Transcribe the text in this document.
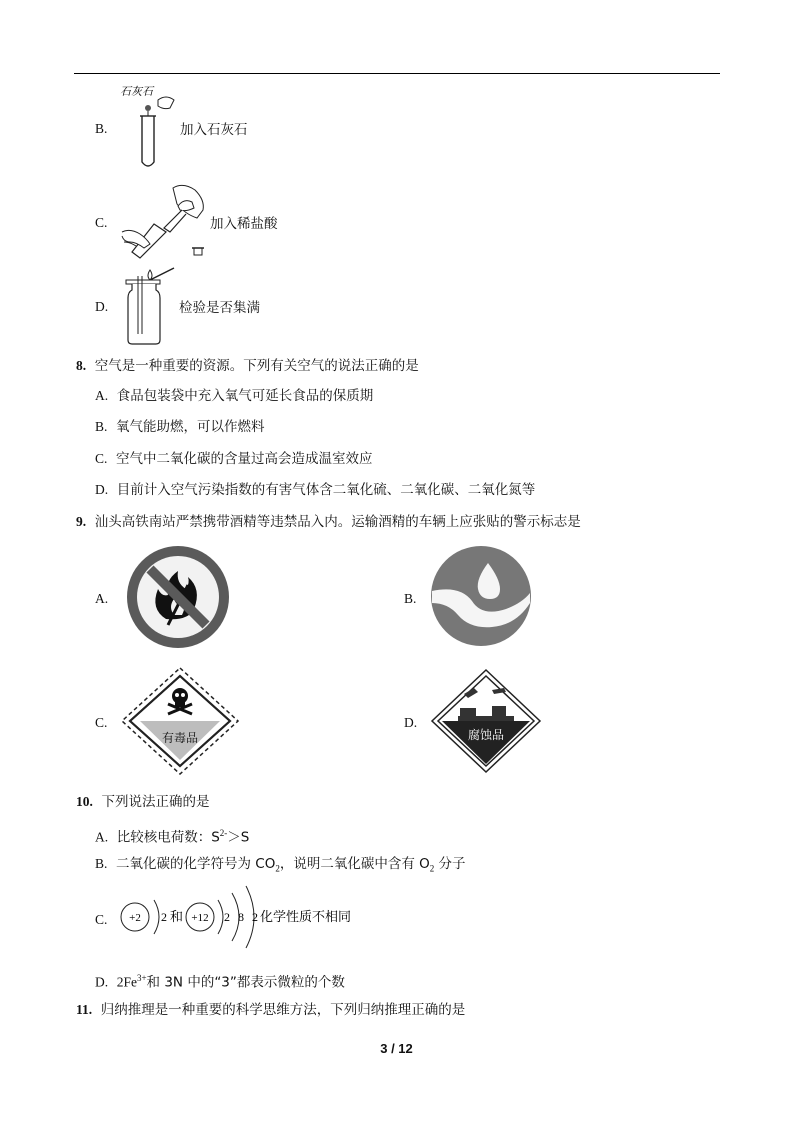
B.
石灰石
加入石灰石
C.	加入稀盐酸
D.	检验是否集满
8. 空气是一种重要的资源。下列有关空气的说法正确的是
A. 食品包装袋中充入氧气可延长食品的保质期
B. 氧气能助燃，可以作燃料
C. 空气中二氧化碳的含量过高会造成温室效应
D. 目前计入空气污染指数的有害气体含二氧化硫、二氧化碳、二氧化氮等
9. 汕头高铁南站严禁携带酒精等违禁品入内。运输酒精的车辆上应张贴的警示标志是
A.	B.
C.
有毒品
D.
腐蚀品
10. 下列说法正确的是
A. 比较核电荷数：$S^{2-}>S$
B. 二氧化碳的化学符号为 $CO_2$，说明二氧化碳中含有 $O_2$ 分子
C. +2 2 和 +12 2 8 2 化学性质不相同
D. $2Fe^{3+}$和 3N 中的“3”都表示微粒的个数
11. 归纳推理是一种重要的科学思维方法，下列归纳推理正确的是
3 / 12
